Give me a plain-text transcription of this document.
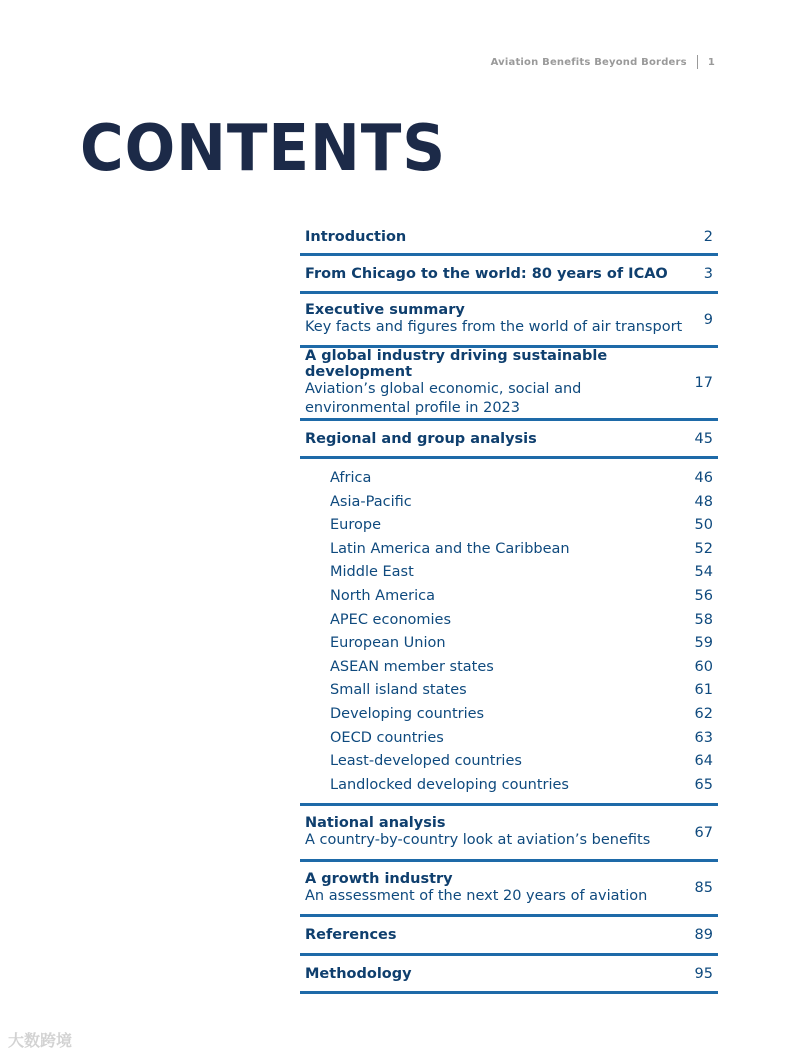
Aviation Benefits Beyond Borders 1
CONTENTS
Introduction	2
From Chicago to the world: 80 years of ICAO 3
Executive summary
Key facts and figures from the world of air transport 9
A global industry driving sustainable development
Aviation’s global economic, social and environmental profile in 2023
17
Regional and group analysis	45
Africa	46
Asia-Pacific	48
Europe	50
Latin America and the Caribbean	52
Middle East	54
North America	56
APEC economies	58
European Union	59
ASEAN member states	60
Small island states	61
Developing countries	62
OECD countries	63
Least-developed countries	64
Landlocked developing countries	65
National analysis
A country-by-country look at aviation’s benefits	67
A growth industry
An assessment of the next 20 years of aviation	85
References	89
Methodology	95
大数跨境
